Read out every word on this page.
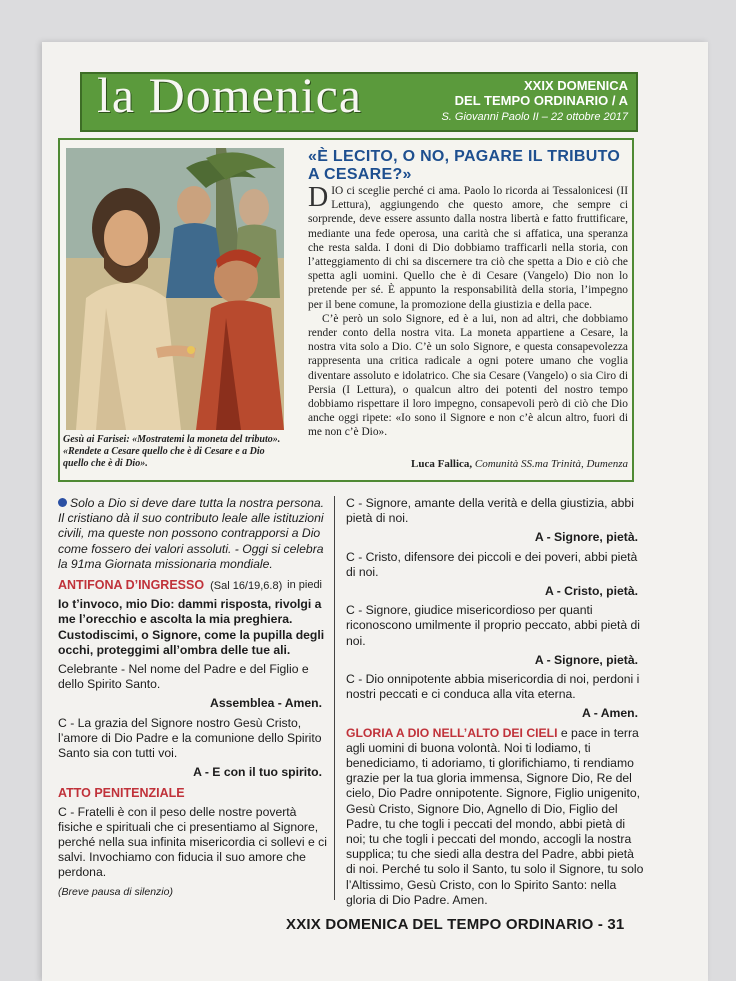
la Domenica	XXIX DOMENICA
DEL TEMPO ORDINARIO / A
S. Giovanni Paolo II – 22 ottobre 2017
Gesù ai Farisei: «Mostratemi la moneta del tributo». «Rendete a Cesare quello che è di Cesare e a Dio quello che è di Dio».
«È LECITO, O NO, PAGARE IL TRIBUTO A CESARE?»

DIO ci sceglie perché ci ama. Paolo lo ricorda ai Tessalonicesi (II Lettura), aggiungendo che questo amore, che sempre ci sorprende, deve essere assunto dalla nostra libertà e fatto fruttificare, mediante una fede operosa, una carità che si affatica, una speranza che resta salda. I doni di Dio dobbiamo trafficarli nella storia, con l’atteggiamento di chi sa discernere tra ciò che spetta a Dio e ciò che spetta agli uomini. Quello che è di Cesare (Vangelo) Dio non lo pretende per sé. È appunto la responsabilità della storia, l’impegno per il bene comune, la promozione della giustizia e della pace.

C’è però un solo Signore, ed è a lui, non ad altri, che dobbiamo render conto della nostra vita. La moneta appartiene a Cesare, la nostra vita solo a Dio. C’è un solo Signore, e questa consapevolezza rappresenta una critica radicale a ogni potere umano che voglia diventare assoluto e idolatrico. Che sia Cesare (Vangelo) o sia Ciro di Persia (I Lettura), o qualcun altro dei potenti del nostro tempo dobbiamo rispettare il loro impegno, consapevoli però di ciò che Dio anche oggi ripete: «Io sono il Signore e non c’è alcun altro, fuori di me non c’è Dio».

Luca Fallica, Comunità SS.ma Trinità, Dumenza

Solo a Dio si deve dare tutta la nostra persona. Il cristiano dà il suo contributo leale alle istituzioni civili, ma queste non possono contrapporsi a Dio come fossero dei valori assoluti. - Oggi si celebra la 91ma Giornata missionaria mondiale.

ANTIFONA D’INGRESSO (Sal 16/19,6.8) in piedi

Io t’invoco, mio Dio: dammi risposta, rivolgi a me l’orecchio e ascolta la mia preghiera. Custodiscimi, o Signore, come la pupilla degli occhi, proteggimi all’ombra delle tue ali.

Celebrante - Nel nome del Padre e del Figlio e dello Spirito Santo.

Assemblea - Amen.

C - La grazia del Signore nostro Gesù Cristo, l’amore di Dio Padre e la comunione dello Spirito Santo sia con tutti voi.

A - E con il tuo spirito.

ATTO PENITENZIALE

C - Fratelli è con il peso delle nostre povertà fisiche e spirituali che ci presentiamo al Signore, perché nella sua infinita misericordia ci sollevi e ci salvi. Invochiamo con fiducia il suo amore che perdona.

(Breve pausa di silenzio)

C - Signore, amante della verità e della giustizia, abbi pietà di noi.

A - Signore, pietà.

C - Cristo, difensore dei piccoli e dei poveri, abbi pietà di noi.

A - Cristo, pietà.

C - Signore, giudice misericordioso per quanti riconoscono umilmente il proprio peccato, abbi pietà di noi.

A - Signore, pietà.

C - Dio onnipotente abbia misericordia di noi, perdoni i nostri peccati e ci conduca alla vita eterna.

A - Amen.

GLORIA A DIO NELL’ALTO DEI CIELI e pace in terra agli uomini di buona volontà. Noi ti lodiamo, ti benediciamo, ti adoriamo, ti glorifichiamo, ti rendiamo grazie per la tua gloria immensa, Signore Dio, Re del cielo, Dio Padre onnipotente. Signore, Figlio unigenito, Gesù Cristo, Signore Dio, Agnello di Dio, Figlio del Padre, tu che togli i peccati del mondo, abbi pietà di noi; tu che togli i peccati del mondo, accogli la nostra supplica; tu che siedi alla destra del Padre, abbi pietà di noi. Perché tu solo il Santo, tu solo il Signore, tu solo l’Altissimo, Gesù Cristo, con lo Spirito Santo: nella gloria di Dio Padre. Amen.

XXIX DOMENICA DEL TEMPO ORDINARIO - 31
